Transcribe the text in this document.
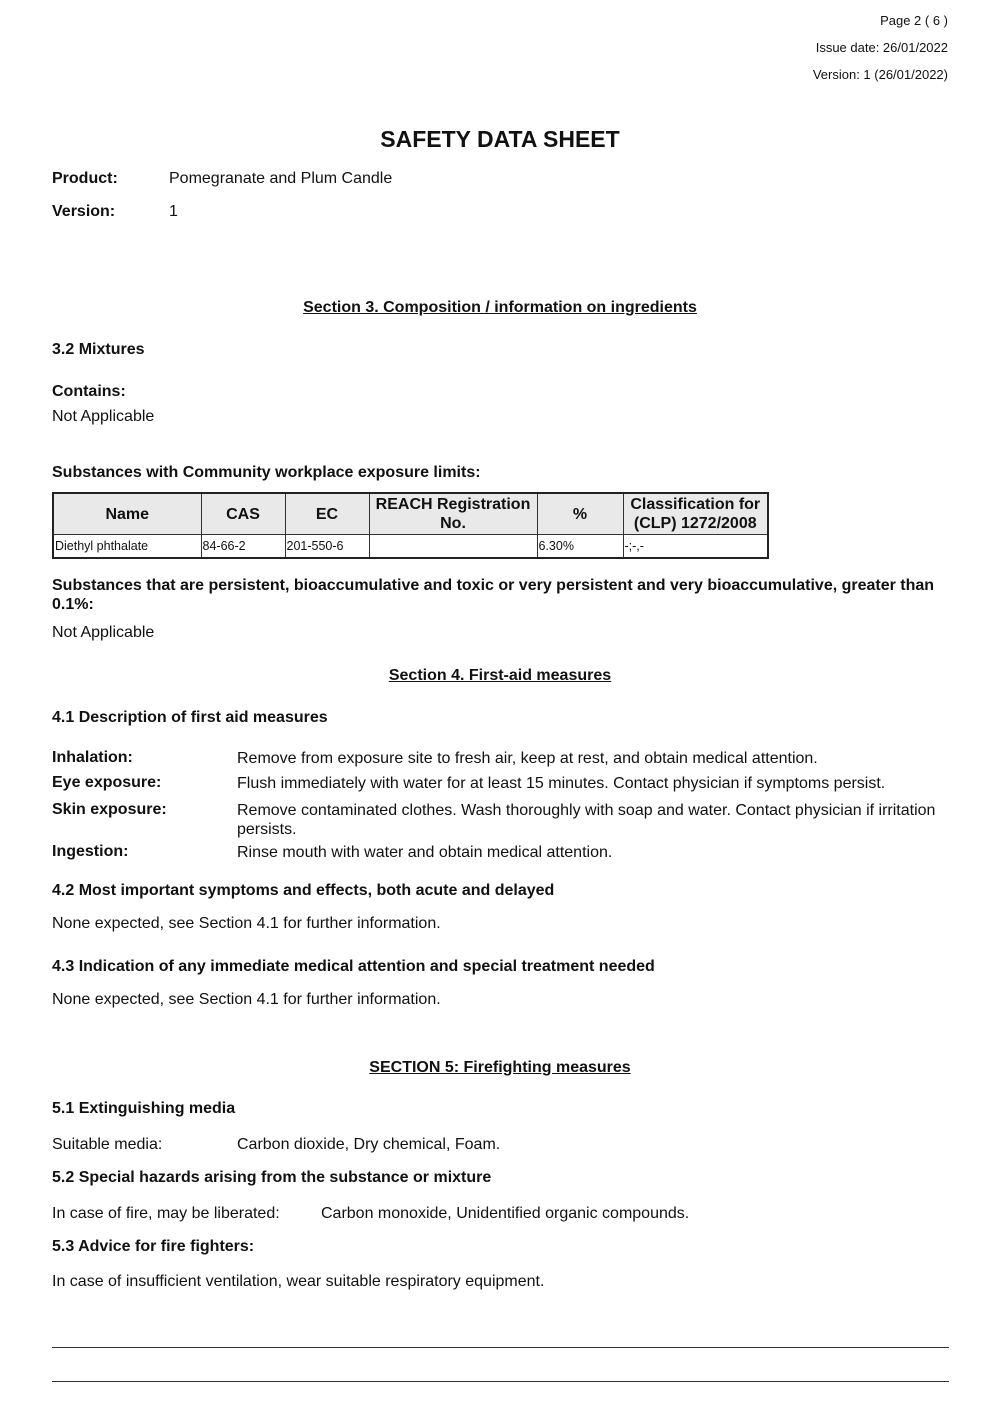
Page 2 ( 6 )
Issue date: 26/01/2022
Version: 1 (26/01/2022)
SAFETY DATA SHEET
Product:	Pomegranate and Plum Candle
Version:	1
Section 3. Composition / information on ingredients
3.2 Mixtures
Contains:
Not Applicable
Substances with Community workplace exposure limits:
Name	CAS	EC	REACH Registration No.	%	Classification for (CLP) 1272/2008
Diethyl phthalate	84-66-2	201-550-6		6.30%	-;-,-
Substances that are persistent, bioaccumulative and toxic or very persistent and very bioaccumulative, greater than 0.1%:
Not Applicable
Section 4. First-aid measures
4.1 Description of first aid measures
Inhalation:	Remove from exposure site to fresh air, keep at rest, and obtain medical attention.
Eye exposure:	Flush immediately with water for at least 15 minutes. Contact physician if symptoms persist.
Skin exposure:	Remove contaminated clothes. Wash thoroughly with soap and water. Contact physician if irritation persists.
Ingestion:	Rinse mouth with water and obtain medical attention.
4.2 Most important symptoms and effects, both acute and delayed
None expected, see Section 4.1 for further information.
4.3 Indication of any immediate medical attention and special treatment needed
None expected, see Section 4.1 for further information.
SECTION 5: Firefighting measures
5.1 Extinguishing media
Suitable media:	Carbon dioxide, Dry chemical, Foam.
5.2 Special hazards arising from the substance or mixture
In case of fire, may be liberated:	Carbon monoxide, Unidentified organic compounds.
5.3 Advice for fire fighters:
In case of insufficient ventilation, wear suitable respiratory equipment.
